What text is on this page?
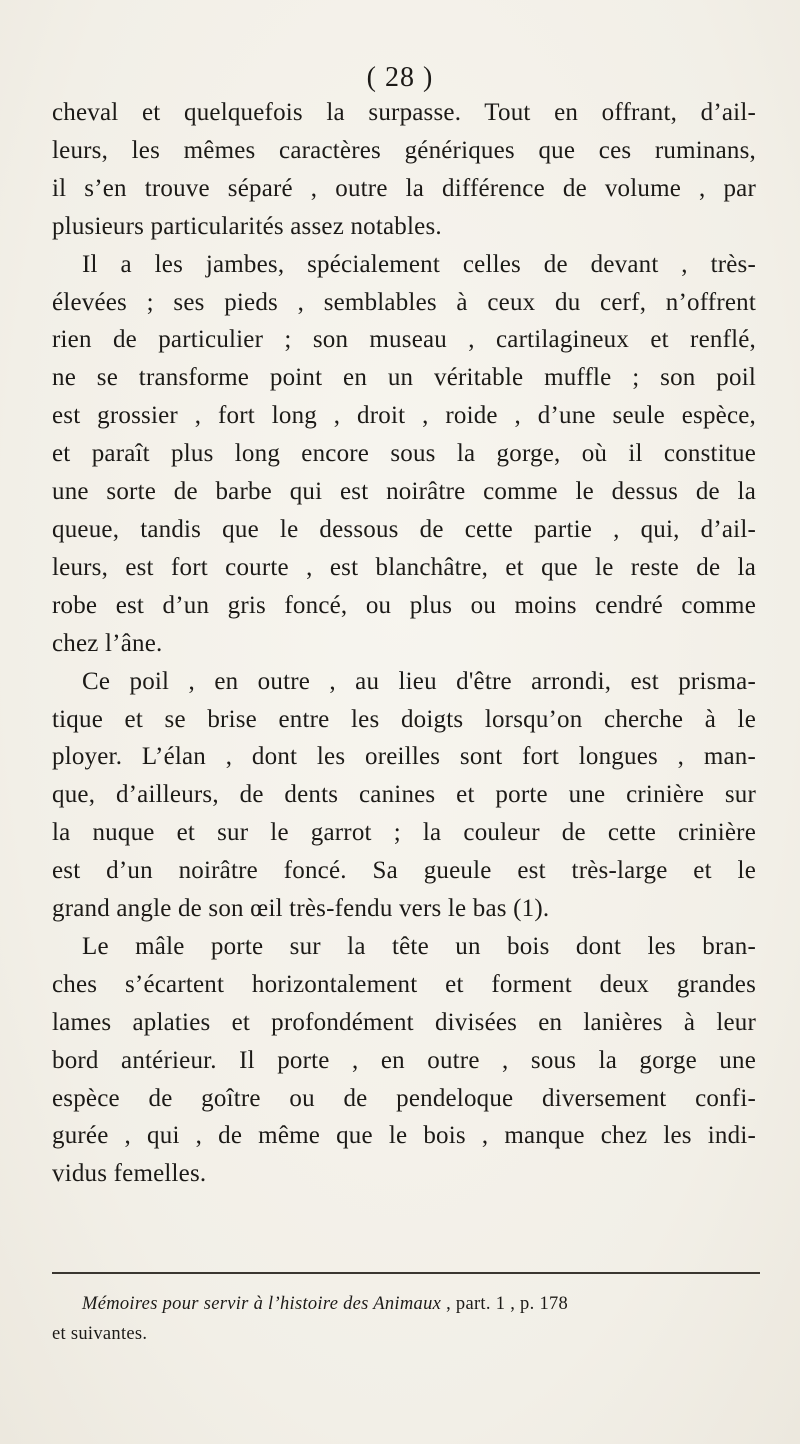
( 28 )
cheval et quelquefois la surpasse. Tout en offrant, d’ail-
leurs, les mêmes caractères génériques que ces ruminans,
il s’en trouve séparé , outre la différence de volume , par
plusieurs particularités assez notables.
Il a les jambes, spécialement celles de devant , très-
élevées ; ses pieds , semblables à ceux du cerf, n’offrent
rien de particulier ; son museau , cartilagineux et renflé,
ne se transforme point en un véritable muffle ; son poil
est grossier , fort long , droit , roide , d’une seule espèce,
et paraît plus long encore sous la gorge, où il constitue
une sorte de barbe qui est noirâtre comme le dessus de la
queue, tandis que le dessous de cette partie , qui, d’ail-
leurs, est fort courte , est blanchâtre, et que le reste de la
robe est d’un gris foncé, ou plus ou moins cendré comme
chez l’âne.
Ce poil , en outre , au lieu d'être arrondi, est prisma-
tique et se brise entre les doigts lorsqu’on cherche à le
ployer. L’élan , dont les oreilles sont fort longues , man-
que, d’ailleurs, de dents canines et porte une crinière sur
la nuque et sur le garrot ; la couleur de cette crinière
est d’un noirâtre foncé. Sa gueule est très-large et le
grand angle de son œil très-fendu vers le bas (1).
Le mâle porte sur la tête un bois dont les bran-
ches s’écartent horizontalement et forment deux grandes
lames aplaties et profondément divisées en lanières à leur
bord antérieur. Il porte , en outre , sous la gorge une
espèce de goître ou de pendeloque diversement confi-
gurée , qui , de même que le bois , manque chez les indi-
vidus femelles.
Mémoires pour servir à l’histoire des Animaux , part. 1 , p. 178
et suivantes.
